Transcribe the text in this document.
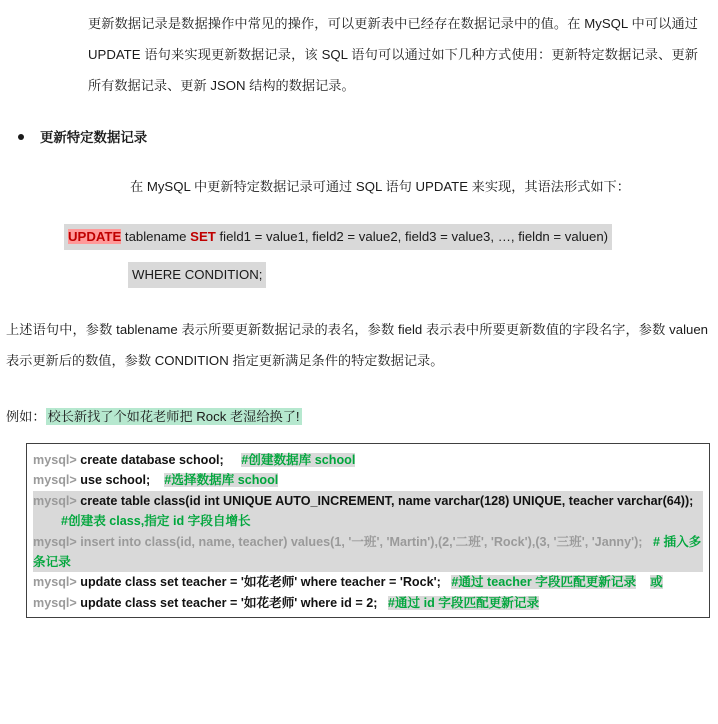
更新数据记录是数据操作中常见的操作，可以更新表中已经存在数据记录中的值。在 MySQL 中可以通过 UPDATE 语句来实现更新数据记录，该 SQL 语句可以通过如下几种方式使用：更新特定数据记录、更新所有数据记录、更新 JSON 结构的数据记录。
更新特定数据记录
在 MySQL 中更新特定数据记录可通过 SQL 语句 UPDATE 来实现，其语法形式如下：
UPDATE tablename SET field1 = value1, field2 = value2, field3 = value3, …, fieldn = valuen)
WHERE CONDITION;
上述语句中，参数 tablename 表示所要更新数据记录的表名，参数 field 表示表中所要更新数值的字段名字，参数 valuen 表示更新后的数值，参数 CONDITION 指定更新满足条件的特定数据记录。
例如： 校长新找了个如花老师把 Rock 老湿给换了!
mysql> create database school; #创建数据库 school
mysql> use school; #选择数据库 school
mysql> create table class(id int UNIQUE AUTO_INCREMENT, name varchar(128) UNIQUE, teacher varchar(64));         #创建表 class,指定 id 字段自增长
mysql> insert into class(id, name, teacher) values(1, '一班', 'Martin'),(2,'二班', 'Rock'),(3, '三班', 'Janny'); # 插入多条记录
mysql> update class set teacher = '如花老师' where teacher = 'Rock'; #通过 teacher 字段匹配更新记录 或
mysql> update class set teacher = '如花老师' where id = 2; #通过 id 字段匹配更新记录
